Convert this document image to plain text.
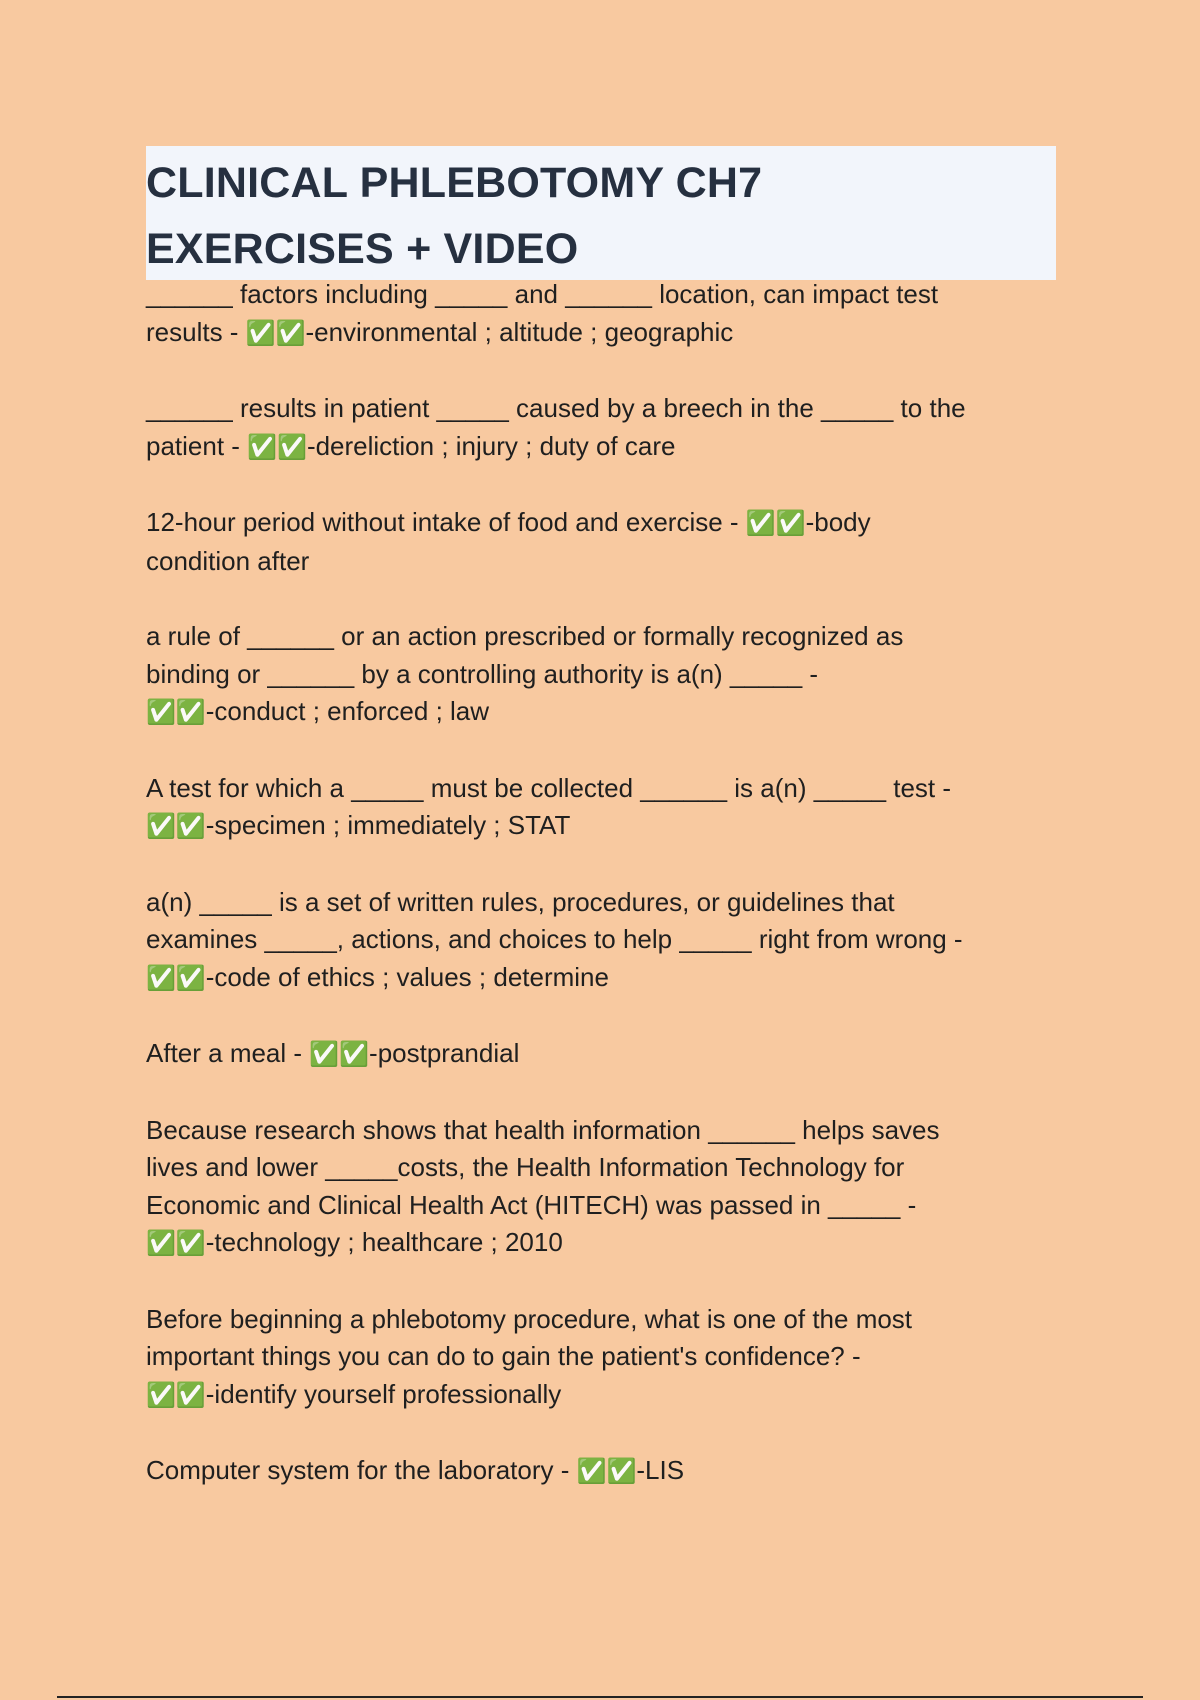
CLINICAL PHLEBOTOMY CH7
EXERCISES + VIDEO
______ factors including _____ and ______ location, can impact test
results - ✅✅-environmental ; altitude ; geographic
______ results in patient _____ caused by a breech in the _____ to the
patient - ✅✅-dereliction ; injury ; duty of care
12-hour period without intake of food and exercise - ✅✅-body
condition after
a rule of ______ or an action prescribed or formally recognized as
binding or ______ by a controlling authority is a(n) _____ -
✅✅-conduct ; enforced ; law
A test for which a _____ must be collected ______ is a(n) _____ test -
✅✅-specimen ; immediately ; STAT
a(n) _____ is a set of written rules, procedures, or guidelines that
examines _____, actions, and choices to help _____ right from wrong -
✅✅-code of ethics ; values ; determine
After a meal - ✅✅-postprandial
Because research shows that health information ______ helps saves
lives and lower _____costs, the Health Information Technology for
Economic and Clinical Health Act (HITECH) was passed in _____ -
✅✅-technology ; healthcare ; 2010
Before beginning a phlebotomy procedure, what is one of the most
important things you can do to gain the patient's confidence? -
✅✅-identify yourself professionally
Computer system for the laboratory - ✅✅-LIS
